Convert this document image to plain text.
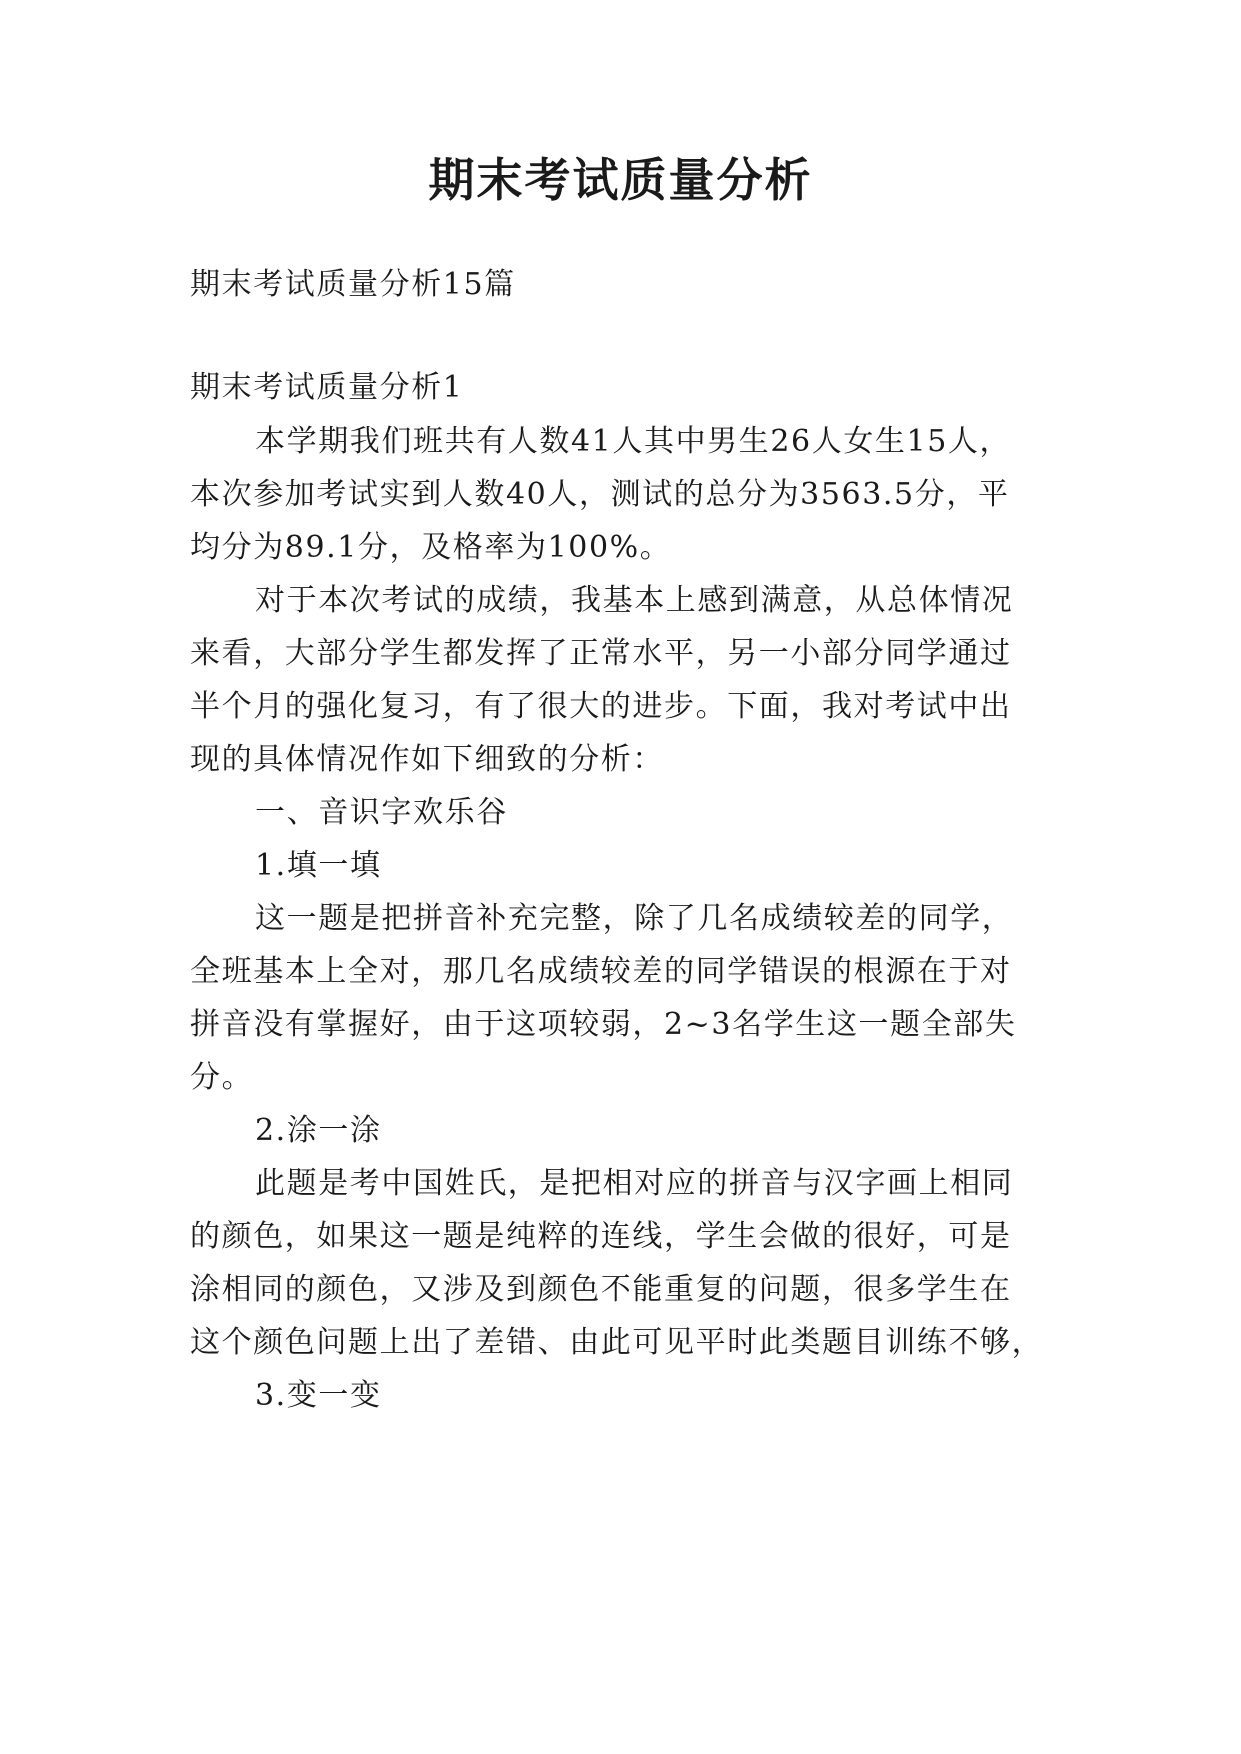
期末考试质量分析
期末考试质量分析15篇
期末考试质量分析1
本学期我们班共有人数41人其中男生26人女生15人，
本次参加考试实到人数40人，测试的总分为3563.5分，平
均分为89.1分，及格率为100%。
对于本次考试的成绩，我基本上感到满意，从总体情况
来看，大部分学生都发挥了正常水平，另一小部分同学通过
半个月的强化复习，有了很大的进步。下面，我对考试中出
现的具体情况作如下细致的分析：
一、音识字欢乐谷
1.填一填
这一题是把拼音补充完整，除了几名成绩较差的同学，
全班基本上全对，那几名成绩较差的同学错误的根源在于对
拼音没有掌握好，由于这项较弱，2~3名学生这一题全部失
分。
2.涂一涂
此题是考中国姓氏，是把相对应的拼音与汉字画上相同
的颜色，如果这一题是纯粹的连线，学生会做的很好，可是
涂相同的颜色，又涉及到颜色不能重复的问题，很多学生在
这个颜色问题上出了差错、由此可见平时此类题目训练不够，
3.变一变
